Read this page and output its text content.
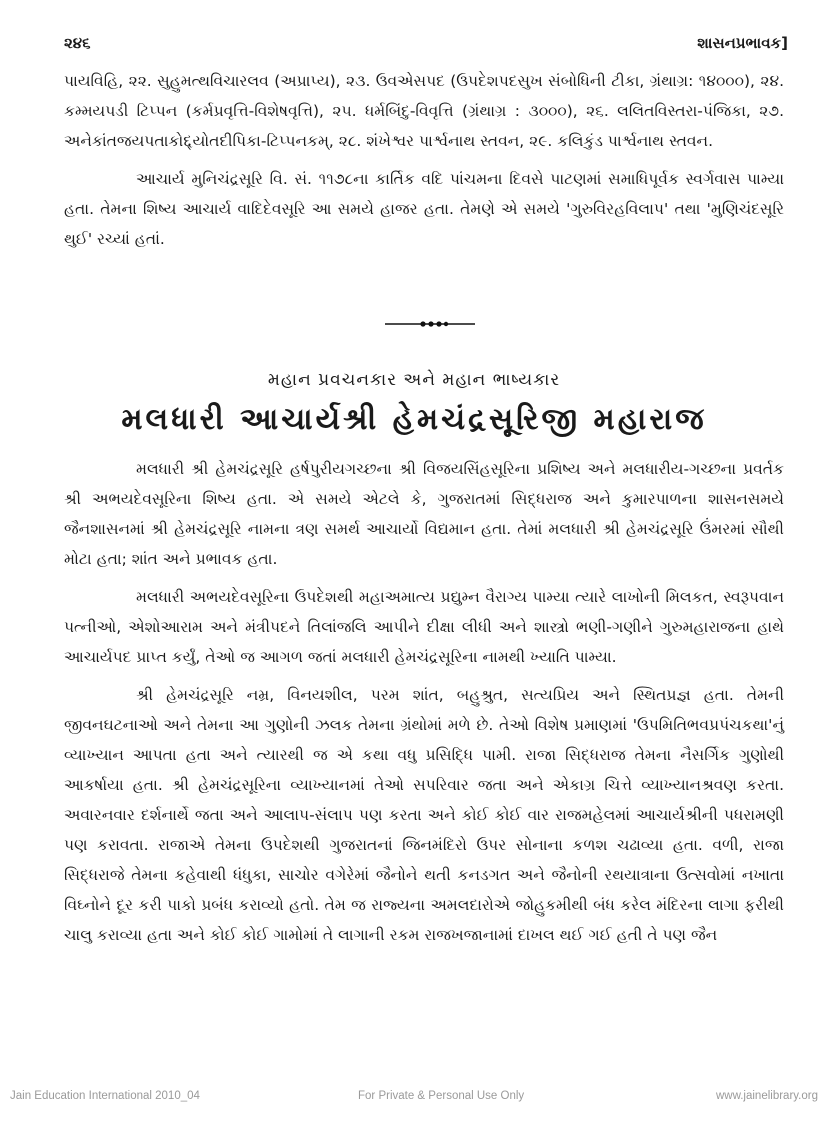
૨૪૬	શાસનપ્રભાવક]

પાયવિહિ, ૨૨. સુહુમત્થવિચારલવ (અપ્રાપ્ય), ૨૩. ઉવએસપદ (ઉપદેશપદસુખ સંબોધિની ટીકા, ગ્રંથાગ્ર: ૧૪૦૦૦), ૨૪. કમ્મયપડી ટિપ્પન (કર્મપ્રવૃત્તિ-વિશેષવૃત્તિ), ૨૫. ધર્મબિંદુ-વિવૃત્તિ (ગ્રંથાગ્ર : ૩૦૦૦), ૨૬. લલિતવિસ્તરા-પંજિકા, ૨૭. અનેકાંતજયપતાકોદ્દ્યોતદીપિકા-ટિપ્પનકમ્, ૨૮. શંખેશ્વર પાર્શ્વનાથ સ્તવન, ૨૯. કલિકુંડ પાર્શ્વનાથ સ્તવન.

આચાર્ય મુનિચંદ્રસૂરિ વિ. સં. ૧૧૭૮ના કાર્તિક વદિ પાંચમના દિવસે પાટણમાં સમાધિપૂર્વક સ્વર્ગવાસ પામ્યા હતા. તેમના શિષ્ય આચાર્ય વાદિદેવસૂરિ આ સમયે હાજર હતા. તેમણે એ સમયે 'ગુરુવિરહવિલાપ' તથા 'મુણિચંદસૂરિ થુઈ' રચ્યાં હતાં.

મહાન પ્રવચનકાર અને મહાન ભાષ્યકાર
મલધારી આચાર્યશ્રી હેમચંદ્રસૂરિજી મહારાજ

મલધારી શ્રી હેમચંદ્રસૂરિ હર્ષપુરીયગચ્છના શ્રી વિજયસિંહસૂરિના પ્રશિષ્ય અને મલધારીય-ગચ્છના પ્રવર્તક શ્રી અભયદેવસૂરિના શિષ્ય હતા. એ સમયે એટલે કે, ગુજરાતમાં સિદ્ધરાજ અને કુમારપાળના શાસનસમયે જૈનશાસનમાં શ્રી હેમચંદ્રસૂરિ નામના ત્રણ સમર્થ આચાર્યો વિદ્યમાન હતા. તેમાં મલધારી શ્રી હેમચંદ્રસૂરિ ઉંમરમાં સૌથી મોટા હતા; શાંત અને પ્રભાવક હતા.

મલધારી અભયદેવસૂરિના ઉપદેશથી મહાઅમાત્ય પ્રદ્યુમ્ન વૈરાગ્ય પામ્યા ત્યારે લાખોની મિલકત, સ્વરૂપવાન પત્નીઓ, એશોઆરામ અને મંત્રીપદને તિલાંજલિ આપીને દીક્ષા લીધી અને શાસ્ત્રો ભણી-ગણીને ગુરુમહારાજના હાથે આચાર્યપદ પ્રાપ્ત કર્યું, તેઓ જ આગળ જતાં મલધારી હેમચંદ્રસૂરિના નામથી ખ્યાતિ પામ્યા.

શ્રી હેમચંદ્રસૂરિ નમ્ર, વિનયશીલ, પરમ શાંત, બહુશ્રુત, સત્યપ્રિય અને સ્થિતપ્રજ્ઞ હતા. તેમની જીવનઘટનાઓ અને તેમના આ ગુણોની ઝલક તેમના ગ્રંથોમાં મળે છે. તેઓ વિશેષ પ્રમાણમાં 'ઉપમિતિભવપ્રપંચકથા'નું વ્યાખ્યાન આપતા હતા અને ત્યારથી જ એ કથા વધુ પ્રસિદ્ધિ પામી. રાજા સિદ્ધરાજ તેમના નૈસર્ગિક ગુણોથી આકર્ષાયા હતા. શ્રી હેમચંદ્રસૂરિના વ્યાખ્યાનમાં તેઓ સપરિવાર જતા અને એકાગ્ર ચિત્તે વ્યાખ્યાનશ્રવણ કરતા. અવારનવાર દર્શનાર્થે જતા અને આલાપ-સંલાપ પણ કરતા અને કોઈ કોઈ વાર રાજમહેલમાં આચાર્યશ્રીની પધરામણી પણ કરાવતા. રાજાએ તેમના ઉપદેશથી ગુજરાતનાં જિનમંદિરો ઉપર સોનાના કળશ ચઢાવ્યા હતા. વળી, રાજા સિદ્ધરાજે તેમના કહેવાથી ધંધુકા, સાચોર વગેરેમાં જૈનોને થતી કનડગત અને જૈનોની રથયાત્રાના ઉત્સવોમાં નખાતા વિઘ્નોને દૂર કરી પાકો પ્રબંધ કરાવ્યો હતો. તેમ જ રાજ્યના અમલદારોએ જોહુકમીથી બંધ કરેલ મંદિરના લાગા ફરીથી ચાલુ કરાવ્યા હતા અને કોઈ કોઈ ગામોમાં તે લાગાની રકમ રાજખજાનામાં દાખલ થઈ ગઈ હતી તે પણ જૈન

Jain Education International 2010_04	For Private & Personal Use Only	www.jainelibrary.org
